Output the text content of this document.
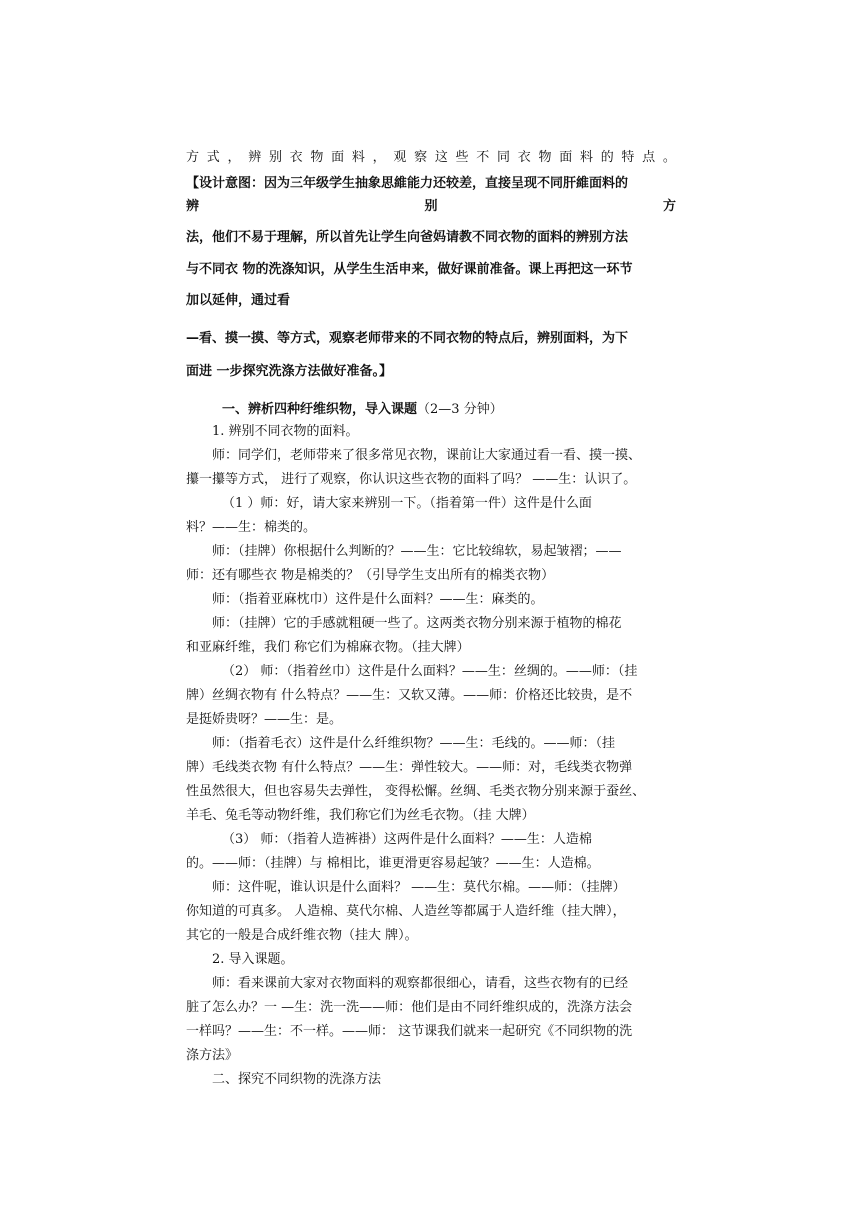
方 式 ， 辨 别 衣 物 面 料 ， 观 察 这 些 不 同 衣 物 面 料 的 特 点 。
【设计意图：因为三年级学生抽象思維能力还较差，直接呈现不同肝維面料的
辨	别	方
法，他们不易于理解，所以首先让学生向爸妈请教不同衣物的面料的辨别方法
与不同衣 物的洗涤知识，从学生生活申来，做好课前准备。课上再把这一环节
加以延伸，通过看
—看、摸一摸、等方式，观察老师带来的不同衣物的特点后，辨别面料，为下
面进 一步探究洗涤方法做好准备。】
一、辨析四种纡维织物，导入课题（2—3 分钟）
1. 辨别不同衣物的面料。
师：同学们，老师带来了很多常见衣物，课前让大家通过看一看、摸一摸、
攥一攥等方式， 进行了观察，你认识这些衣物的面料了吗？ ——生：认识了。
（1 ）师：好，请大家来辨别一下。（指着第一件）这件是什么面
料？——生：棉类的。
师：（挂牌）你根据什么判断的？——生：它比较绵软，易起皱褶；——
师：还有哪些衣 物是棉类的？（引导学生支出所有的棉类衣物）
师：（指着亚麻枕巾）这件是什么面料？——生：麻类的。
师：（挂牌）它的手感就粗硬一些了。这两类衣物分别来源于植物的棉花
和亚麻纤维，我们 称它们为棉麻衣物。（挂大牌）
（2） 师：（指着丝巾）这件是什么面料？——生：丝绸的。——师：（挂
牌）丝绸衣物有 什么特点？——生：又软又薄。——师：价格还比较贵，是不
是挺娇贵呀？——生：是。
师：（指着毛衣）这件是什么纤维织物？——生：毛线的。——师：（挂
牌）毛线类衣物 有什么特点？——生：弹性较大。——师：对，毛线类衣物弹
性虽然很大，但也容易失去弹性， 变得松懈。丝绸、毛类衣物分别来源于蚕丝、
羊毛、兔毛等动物纤维，我们称它们为丝毛衣物。（挂 大牌）
（3） 师：（指着人造裤褂）这两件是什么面料？——生：人造棉
的。——师：（挂牌）与 棉相比，谁更滑更容易起皱？——生：人造棉。
师：这件呢，谁认识是什么面料？ ——生：莫代尔棉。——师：（挂牌）
你知道的可真多。 人造棉、莫代尔棉、人造丝等都属于人造纤维（挂大牌），
其它的一般是合成纤维衣物（挂大 牌）。
2. 导入课题。
师：看来课前大家对衣物面料的观察都很细心，请看，这些衣物有的已经
脏了怎么办？一 —生：洗一洗——师：他们是由不同纤维织成的，洗涤方法会
一样吗？——生：不一样。——师： 这节课我们就来一起研究《不同织物的洗
涤方法》
二、探究不同织物的洗涤方法
